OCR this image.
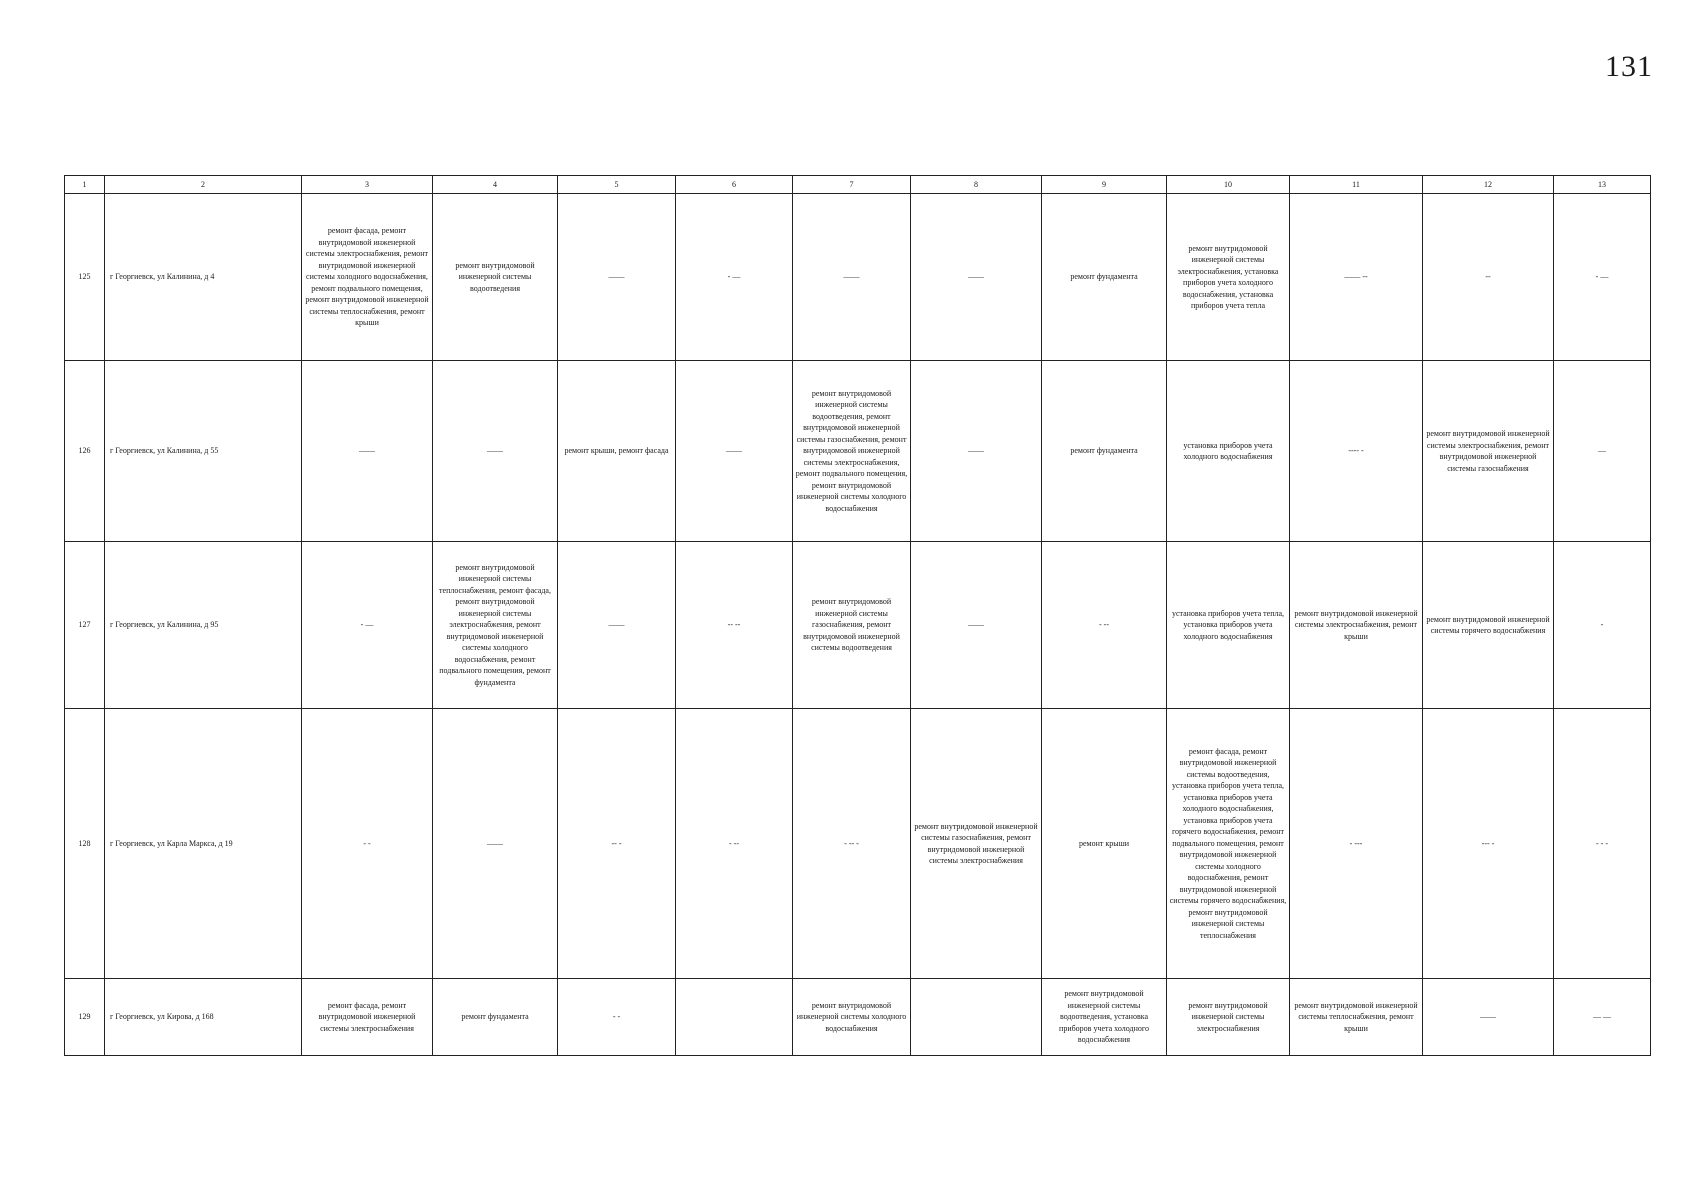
131
1	2	3	4	5	6	7	8	9	10	11	12	13
125	г Георгиевск, ул Калинина, д 4	ремонт фасада, ремонт внутридомовой инженерной системы электроснабжения, ремонт внутридомовой инженерной системы холодного водоснабжения, ремонт подвального помещения, ремонт внутридомовой инженерной системы теплоснабжения, ремонт крыши	ремонт внутридомовой инженерной системы водоотведения	——	- —	——	——	ремонт фундамента	ремонт внутридомовой инженерной системы электроснабжения, установка приборов учета холодного водоснабжения, установка приборов учета тепла	—— --	--	- —
126	г Георгиевск, ул Калинина, д 55	——	——	ремонт крыши, ремонт фасада	——	ремонт внутридомовой инженерной системы водоотведения, ремонт внутридомовой инженерной системы газоснабжения, ремонт внутридомовой инженерной системы электроснабжения, ремонт подвального помещения, ремонт внутридомовой инженерной системы холодного водоснабжения	——	ремонт фундамента	установка приборов учета холодного водоснабжения	---- -	ремонт внутридомовой инженерной системы электроснабжения, ремонт внутридомовой инженерной системы газоснабжения	—
127	г Георгиевск, ул Калинина, д 95	- —	ремонт внутридомовой инженерной системы теплоснабжения, ремонт фасада, ремонт внутридомовой инженерной системы электроснабжения, ремонт внутридомовой инженерной системы холодного водоснабжения, ремонт подвального помещения, ремонт фундамента	——	-- --	ремонт внутридомовой инженерной системы газоснабжения, ремонт внутридомовой инженерной системы водоотведения	——	- --	установка приборов учета тепла, установка приборов учета холодного водоснабжения	ремонт внутридомовой инженерной системы электроснабжения, ремонт крыши	ремонт внутридомовой инженерной системы горячего водоснабжения	-
128	г Георгиевск, ул Карла Маркса, д 19	- -	——	-- -	- --	- -- -	ремонт внутридомовой инженерной системы газоснабжения, ремонт внутридомовой инженерной системы электроснабжения	ремонт крыши	ремонт фасада, ремонт внутридомовой инженерной системы водоотведения, установка приборов учета тепла, установка приборов учета холодного водоснабжения, установка приборов учета горячего водоснабжения, ремонт подвального помещения, ремонт внутридомовой инженерной системы холодного водоснабжения, ремонт внутридомовой инженерной системы горячего водоснабжения, ремонт внутридомовой инженерной системы теплоснабжения	- ---	--- -	- - -
129	г Георгиевск, ул Кирова, д 168	ремонт фасада, ремонт внутридомовой инженерной системы электроснабжения	ремонт фундамента	- -		ремонт внутридомовой инженерной системы холодного водоснабжения		ремонт внутридомовой инженерной системы водоотведения, установка приборов учета холодного водоснабжения	ремонт внутридомовой инженерной системы электроснабжения	ремонт внутридомовой инженерной системы теплоснабжения, ремонт крыши	——	— —
